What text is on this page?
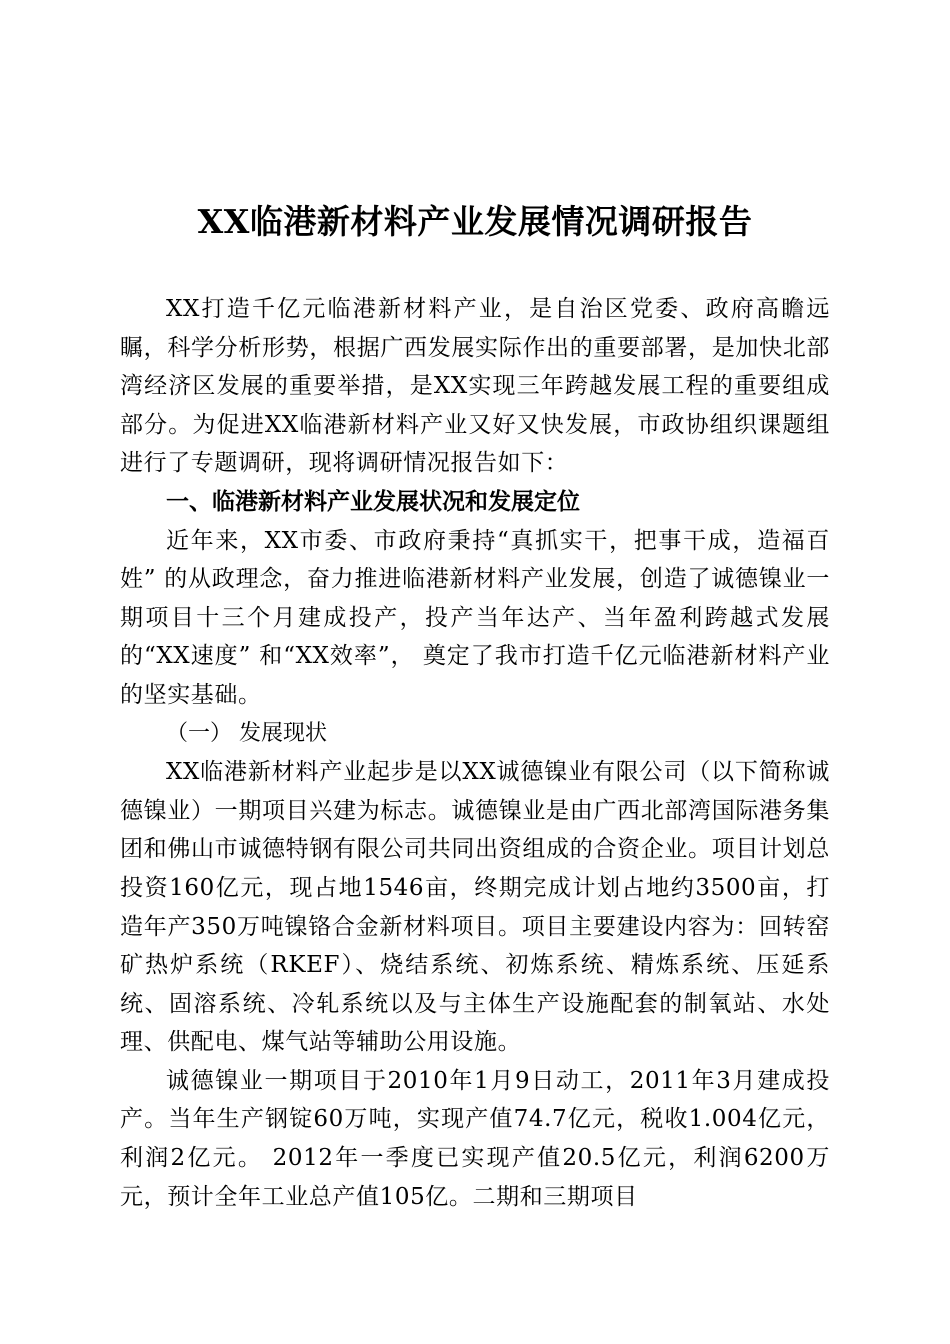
XX临港新材料产业发展情况调研报告

XX打造千亿元临港新材料产业，是自治区党委、政府高瞻远瞩，科学分析形势，根据广西发展实际作出的重要部署，是加快北部湾经济区发展的重要举措，是XX实现三年跨越发展工程的重要组成部分。为促进XX临港新材料产业又好又快发展，市政协组织课题组进行了专题调研，现将调研情况报告如下：

一、临港新材料产业发展状况和发展定位

近年来，XX市委、市政府秉持“真抓实干，把事干成，造福百姓” 的从政理念，奋力推进临港新材料产业发展，创造了诚德镍业一期项目十三个月建成投产，投产当年达产、当年盈利跨越式发展的“XX速度” 和“XX效率”， 奠定了我市打造千亿元临港新材料产业的坚实基础。

（一） 发展现状

XX临港新材料产业起步是以XX诚德镍业有限公司（以下简称诚德镍业）一期项目兴建为标志。诚德镍业是由广西北部湾国际港务集团和佛山市诚德特钢有限公司共同出资组成的合资企业。项目计划总投资160亿元，现占地1546亩，终期完成计划占地约3500亩，打造年产350万吨镍铬合金新材料项目。项目主要建设内容为：回转窑矿热炉系统（RKEF）、烧结系统、初炼系统、精炼系统、压延系统、固溶系统、冷轧系统以及与主体生产设施配套的制氧站、水处理、供配电、煤气站等辅助公用设施。

诚德镍业一期项目于2010年1月9日动工，2011年3月建成投产。当年生产钢锭60万吨，实现产值74.7亿元，税收1.004亿元，利润2亿元。 2012年一季度已实现产值20.5亿元，利润6200万元，预计全年工业总产值105亿。二期和三期项目
